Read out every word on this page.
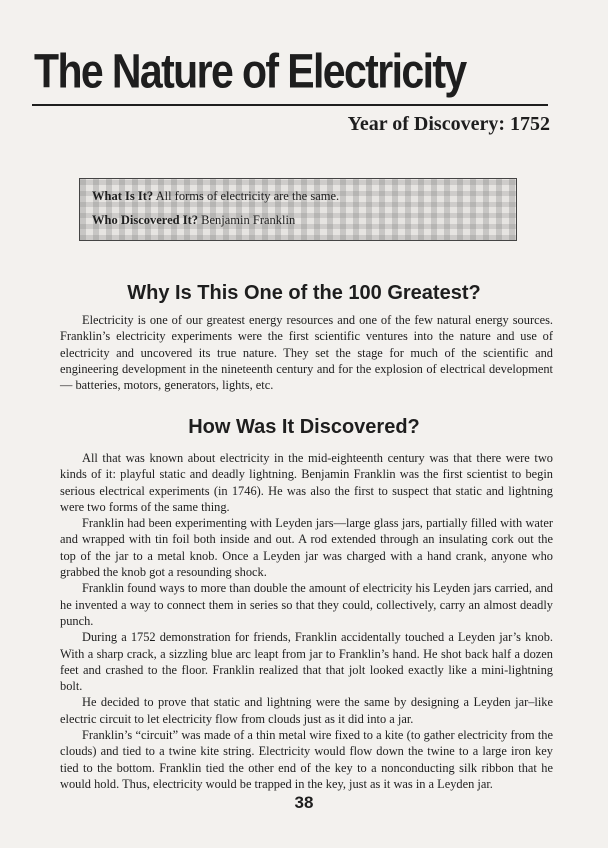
The Nature of Electricity
Year of Discovery: 1752
What Is It? All forms of electricity are the same.
Who Discovered It? Benjamin Franklin
Why Is This One of the 100 Greatest?

Electricity is one of our greatest energy resources and one of the few natural energy sources. Franklin’s electricity experiments were the first scientific ventures into the nature and use of electricity and uncovered its true nature. They set the stage for much of the scientific and engineering development in the nineteenth century and for the explosion of electrical development — batteries, motors, generators, lights, etc.

How Was It Discovered?

All that was known about electricity in the mid-eighteenth century was that there were two kinds of it: playful static and deadly lightning. Benjamin Franklin was the first scientist to begin serious electrical experiments (in 1746). He was also the first to suspect that static and lightning were two forms of the same thing.

Franklin had been experimenting with Leyden jars—large glass jars, partially filled with water and wrapped with tin foil both inside and out. A rod extended through an insulating cork out the top of the jar to a metal knob. Once a Leyden jar was charged with a hand crank, anyone who grabbed the knob got a resounding shock.

Franklin found ways to more than double the amount of electricity his Leyden jars carried, and he invented a way to connect them in series so that they could, collectively, carry an almost deadly punch.

During a 1752 demonstration for friends, Franklin accidentally touched a Leyden jar’s knob. With a sharp crack, a sizzling blue arc leapt from jar to Franklin’s hand. He shot back half a dozen feet and crashed to the floor. Franklin realized that that jolt looked exactly like a mini-lightning bolt.

He decided to prove that static and lightning were the same by designing a Leyden jar–like electric circuit to let electricity flow from clouds just as it did into a jar.

Franklin’s “circuit” was made of a thin metal wire fixed to a kite (to gather electricity from the clouds) and tied to a twine kite string. Electricity would flow down the twine to a large iron key tied to the bottom. Franklin tied the other end of the key to a nonconducting silk ribbon that he would hold. Thus, electricity would be trapped in the key, just as it was in a Leyden jar.

38
